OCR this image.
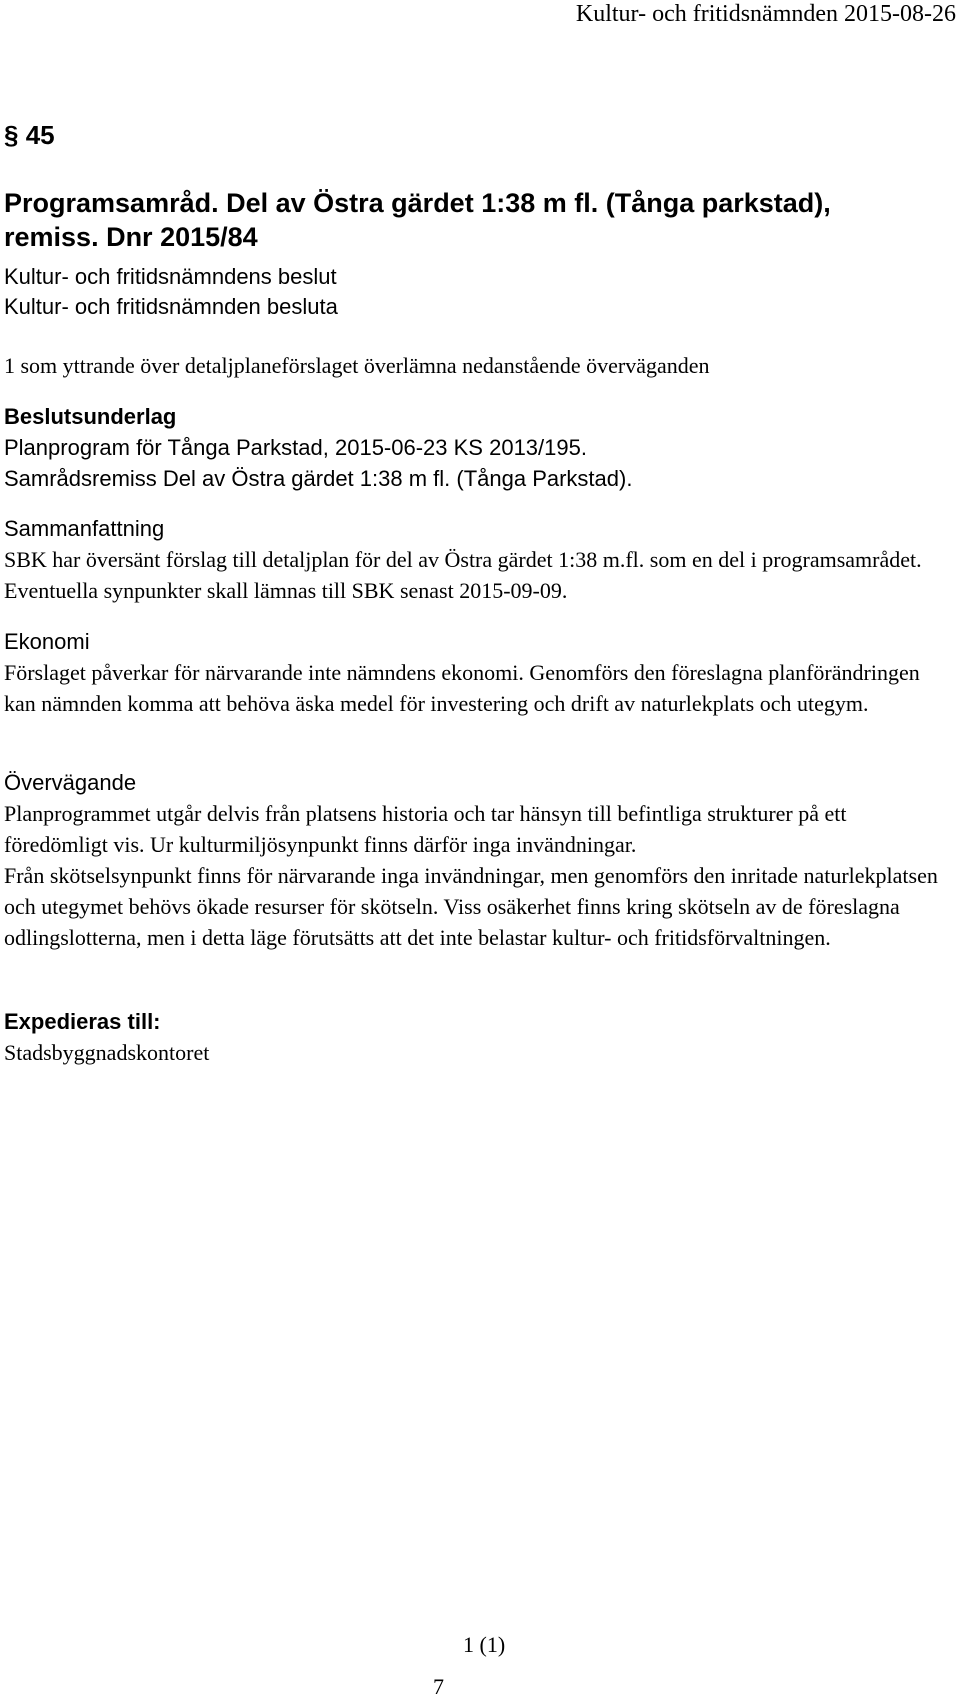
Kultur- och fritidsnämnden 2015-08-26
§ 45
Programsamråd. Del av Östra gärdet 1:38 m fl. (Tånga parkstad),
remiss. Dnr 2015/84
Kultur- och fritidsnämndens beslut
Kultur- och fritidsnämnden besluta

1 som yttrande över detaljplaneförslaget överlämna nedanstående överväganden

Beslutsunderlag

Planprogram för Tånga Parkstad, 2015-06-23 KS 2013/195.

Samrådsremiss Del av Östra gärdet 1:38 m fl. (Tånga Parkstad).

Sammanfattning

SBK har översänt förslag till detaljplan för del av Östra gärdet 1:38 m.fl. som en del i programsamrådet. Eventuella synpunkter skall lämnas till SBK senast 2015-09-09.

Ekonomi

Förslaget påverkar för närvarande inte nämndens ekonomi. Genomförs den föreslagna planförändringen kan nämnden komma att behöva äska medel för investering och drift av naturlekplats och utegym.

Övervägande

Planprogrammet utgår delvis från platsens historia och tar hänsyn till befintliga strukturer på ett föredömligt vis. Ur kulturmiljösynpunkt finns därför inga invändningar.

Från skötselsynpunkt finns för närvarande inga invändningar, men genomförs den inritade naturlekplatsen och utegymet behövs ökade resurser för skötseln. Viss osäkerhet finns kring skötseln av de föreslagna odlingslotterna, men i detta läge förutsätts att det inte belastar kultur- och fritidsförvaltningen.

Expedieras till:

Stadsbyggnadskontoret

1 (1)
7
